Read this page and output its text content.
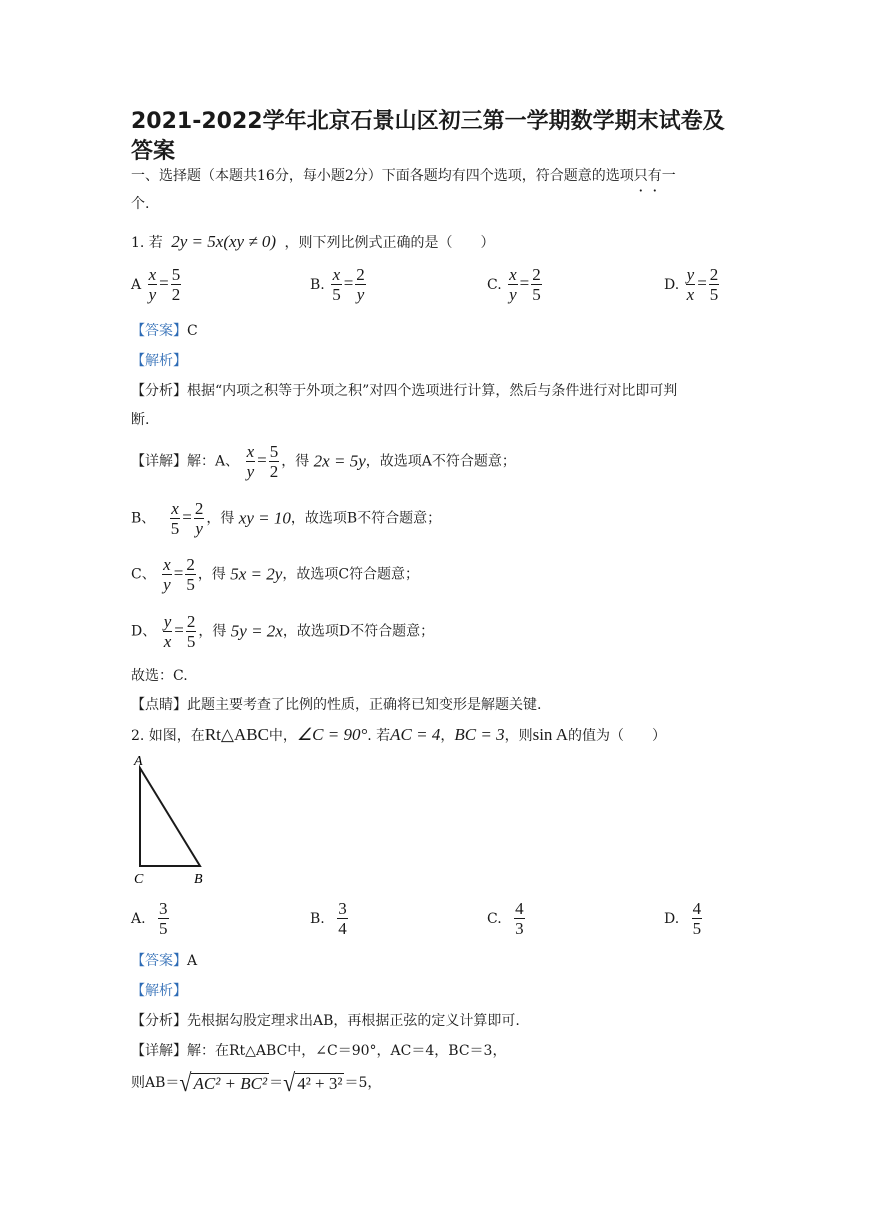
2021-2022学年北京石景山区初三第一学期数学期末试卷及
答案
一、选择题（本题共16分，每小题2分）下面各题均有四个选项，符合题意的选项只有一
个.
1. 若 2y = 5x(xy ≠ 0) ，则下列比例式正确的是（　　）
A $\frac{x}{y} = \frac{5}{2}$	B. $\frac{x}{5} = \frac{2}{y}$	C. $\frac{x}{y} = \frac{2}{5}$	D. $\frac{y}{x} = \frac{2}{5}$
【答案】C
【解析】
【分析】根据“内项之积等于外项之积”对四个选项进行计算，然后与条件进行对比即可判
断.
【详解】解：A、 $\frac{x}{y} = \frac{5}{2}$ ，得 2x = 5y，故选项A不符合题意；
B、 $\frac{x}{5} = \frac{2}{y}$ ，得 xy = 10，故选项B不符合题意；
C、 $\frac{x}{y} = \frac{2}{5}$ ，得 5x = 2y，故选项C符合题意；
D、 $\frac{y}{x} = \frac{2}{5}$ ，得 5y = 2x，故选项D不符合题意；
故选：C.
【点睛】此题主要考查了比例的性质，正确将已知变形是解题关键.
2. 如图，在Rt△ABC中，∠C = 90°. 若AC = 4，BC = 3，则sin A的值为（　　）
A
C	B
A. $\frac{3}{5}$	B. $\frac{3}{4}$	C. $\frac{4}{3}$	D. $\frac{4}{5}$
【答案】A
【解析】
【分析】先根据勾股定理求出AB，再根据正弦的定义计算即可.
【详解】解：在Rt△ABC中，∠C＝90°，AC＝4，BC＝3，
则AB＝√ AC² + BC² ＝√ 4² + 3² ＝5，
